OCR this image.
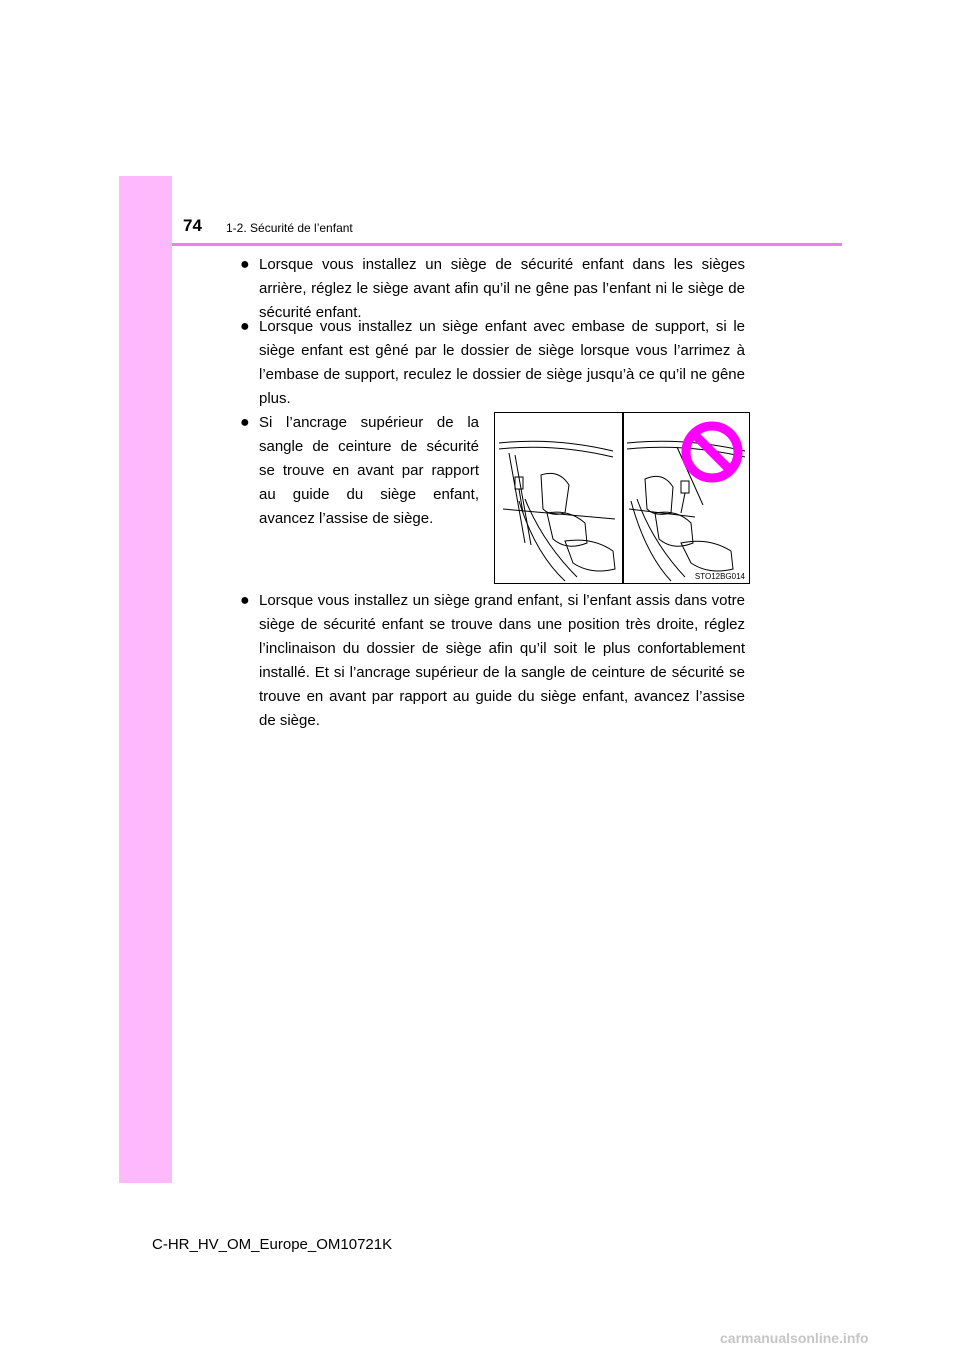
74 1-2. Sécurité de l’enfant
● Lorsque vous installez un siège de sécurité enfant dans les sièges arrière, réglez le siège avant afin qu’il ne gêne pas l’enfant ni le siège de sécurité enfant.
● Lorsque vous installez un siège enfant avec embase de support, si le siège enfant est gêné par le dossier de siège lorsque vous l’arrimez à l’embase de support, reculez le dossier de siège jusqu’à ce qu’il ne gêne plus.
● Si l’ancrage supérieur de la sangle de ceinture de sécurité se trouve en avant par rapport au guide du siège enfant, avancez l’assise de siège.
STO12BG014
● Lorsque vous installez un siège grand enfant, si l’enfant assis dans votre siège de sécurité enfant se trouve dans une position très droite, réglez l’inclinaison du dossier de siège afin qu’il soit le plus confortablement installé. Et si l’ancrage supérieur de la sangle de ceinture de sécurité se trouve en avant par rapport au guide du siège enfant, avancez l’assise de siège.
C-HR_HV_OM_Europe_OM10721K
carmanualsonline.info
